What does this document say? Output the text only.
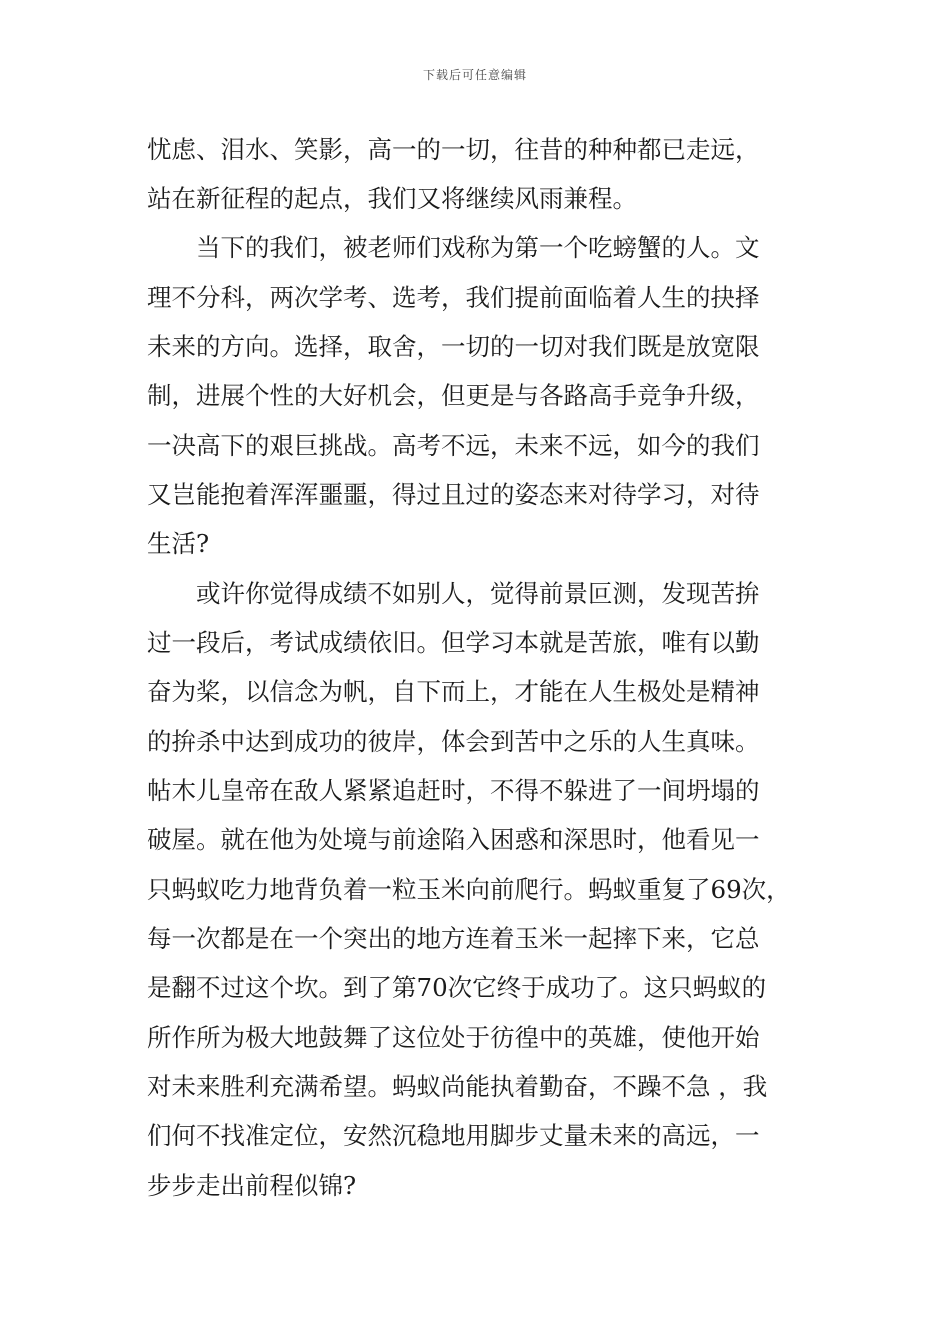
下载后可任意编辑
忧虑、泪水、笑影，高一的一切，往昔的种种都已走远，
站在新征程的起点，我们又将继续风雨兼程。
当下的我们，被老师们戏称为第一个吃螃蟹的人。文
理不分科，两次学考、选考，我们提前面临着人生的抉择
未来的方向。选择，取舍，一切的一切对我们既是放宽限
制，进展个性的大好机会，但更是与各路高手竞争升级，
一决高下的艰巨挑战。高考不远，未来不远，如今的我们
又岂能抱着浑浑噩噩，得过且过的姿态来对待学习，对待
生活?
或许你觉得成绩不如别人，觉得前景叵测，发现苦拚
过一段后，考试成绩依旧。但学习本就是苦旅，唯有以勤
奋为桨，以信念为帆，自下而上，才能在人生极处是精神
的拚杀中达到成功的彼岸，体会到苦中之乐的人生真味。
帖木儿皇帝在敌人紧紧追赶时，不得不躲进了一间坍塌的
破屋。就在他为处境与前途陷入困惑和深思时，他看见一
只蚂蚁吃力地背负着一粒玉米向前爬行。蚂蚁重复了69次，
每一次都是在一个突出的地方连着玉米一起摔下来，它总
是翻不过这个坎。到了第70次它终于成功了。这只蚂蚁的
所作所为极大地鼓舞了这位处于彷徨中的英雄，使他开始
对未来胜利充满希望。蚂蚁尚能执着勤奋，不躁不急 ，我
们何不找准定位，安然沉稳地用脚步丈量未来的高远，一
步步走出前程似锦?
